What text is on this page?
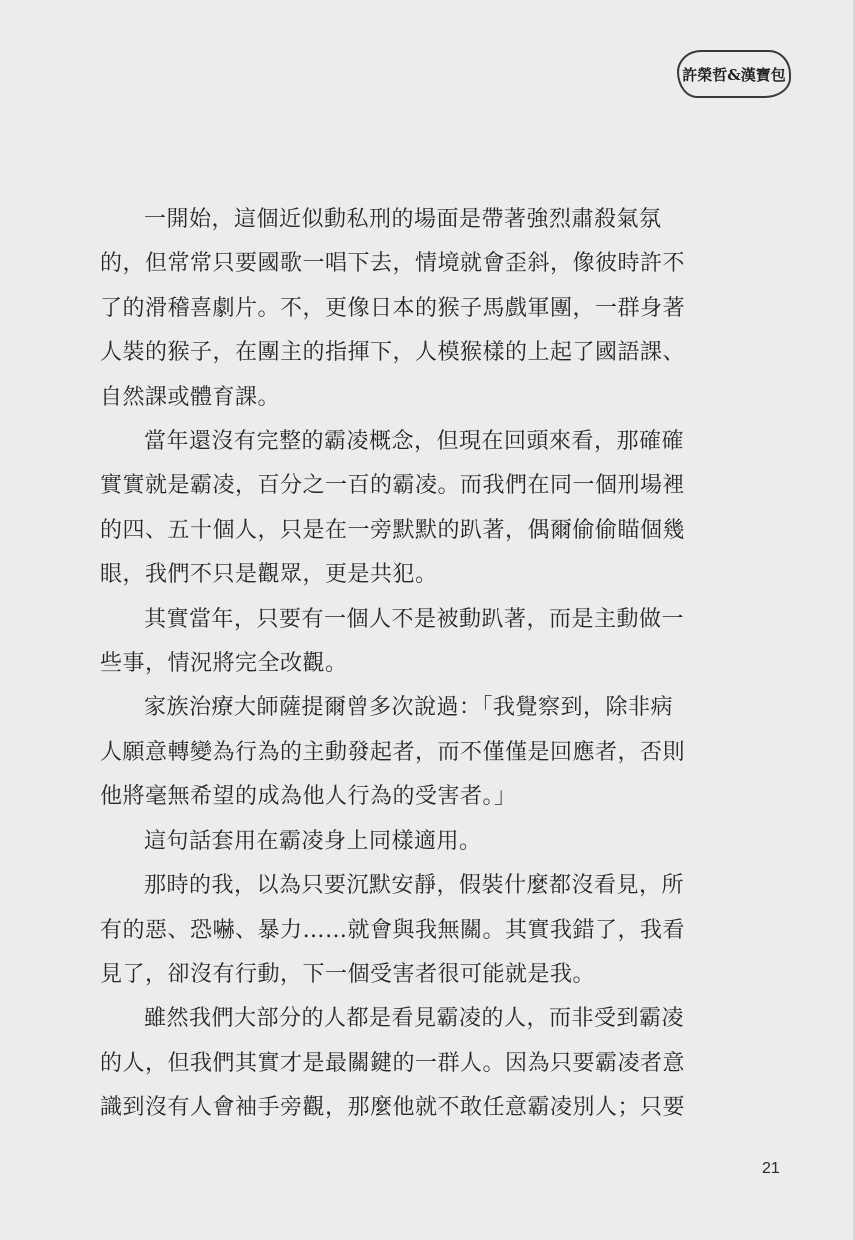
許榮哲&漢寶包

一開始，這個近似動私刑的場面是帶著強烈肅殺氣氛
的，但常常只要國歌一唱下去，情境就會歪斜，像彼時許不
了的滑稽喜劇片。不，更像日本的猴子馬戲軍團，一群身著
人裝的猴子，在團主的指揮下，人模猴樣的上起了國語課、
自然課或體育課。

當年還沒有完整的霸凌概念，但現在回頭來看，那確確
實實就是霸凌，百分之一百的霸凌。而我們在同一個刑場裡
的四、五十個人，只是在一旁默默的趴著，偶爾偷偷瞄個幾
眼，我們不只是觀眾，更是共犯。

其實當年，只要有一個人不是被動趴著，而是主動做一
些事，情況將完全改觀。

家族治療大師薩提爾曾多次說過：「我覺察到，除非病
人願意轉變為行為的主動發起者，而不僅僅是回應者，否則
他將毫無希望的成為他人行為的受害者。」

這句話套用在霸凌身上同樣適用。

那時的我，以為只要沉默安靜，假裝什麼都沒看見，所
有的惡、恐嚇、暴力……就會與我無關。其實我錯了，我看
見了，卻沒有行動，下一個受害者很可能就是我。

雖然我們大部分的人都是看見霸凌的人，而非受到霸凌
的人，但我們其實才是最關鍵的一群人。因為只要霸凌者意
識到沒有人會袖手旁觀，那麼他就不敢任意霸凌別人；只要

21
